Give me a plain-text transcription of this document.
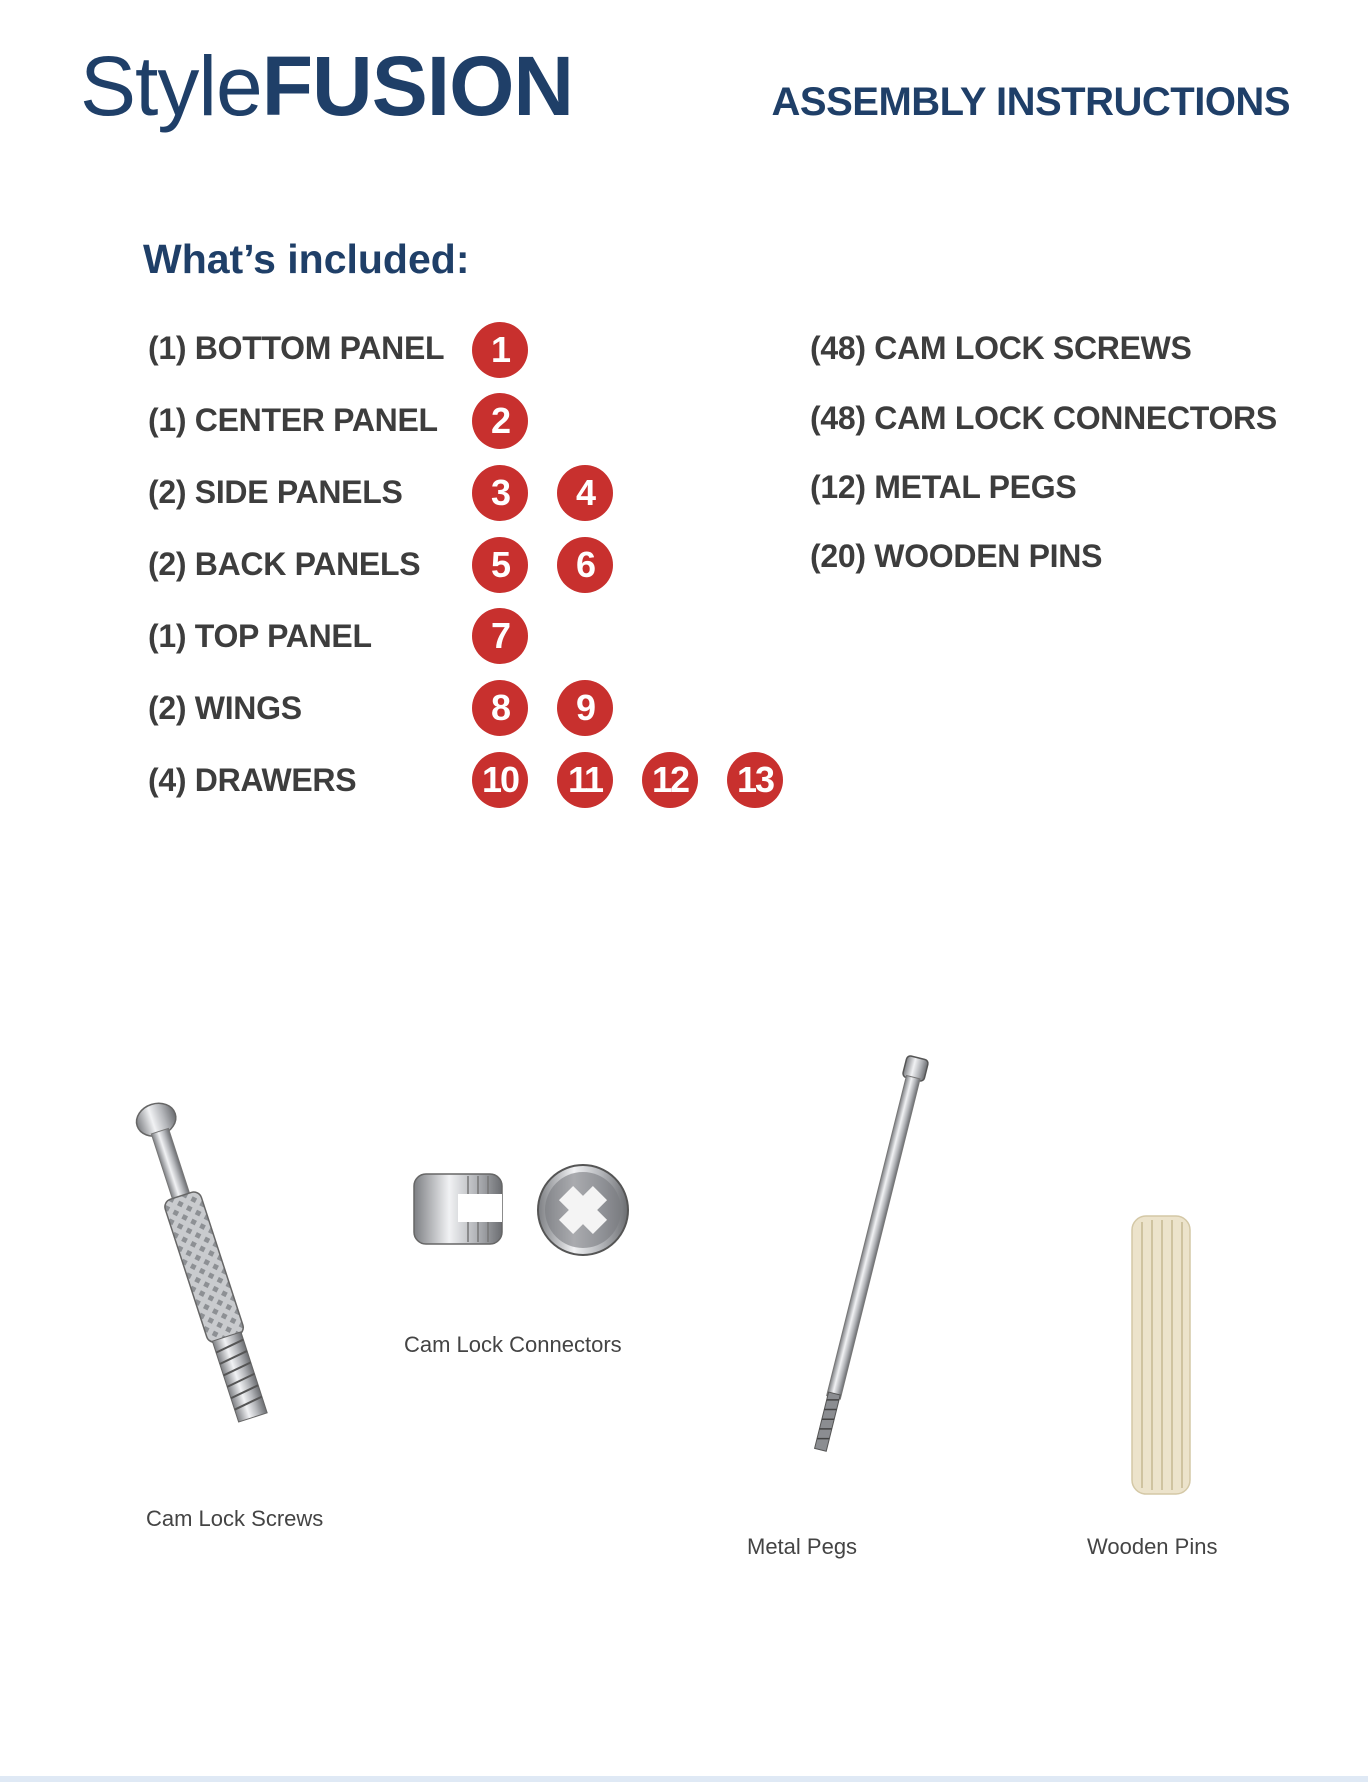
StyleFUSION	ASSEMBLY INSTRUCTIONS
What’s included:
(1) BOTTOM PANEL	1
(1) CENTER PANEL	2
(2) SIDE PANELS	3	4
(2) BACK PANELS	5	6
(1) TOP PANEL	7
(2) WINGS	8	9
(4) DRAWERS	10	11	12 13
(48) CAM LOCK SCREWS
(48) CAM LOCK CONNECTORS
(12) METAL PEGS
(20) WOODEN PINS
Cam Lock Screws
Cam Lock Connectors
Metal Pegs	Wooden Pins
